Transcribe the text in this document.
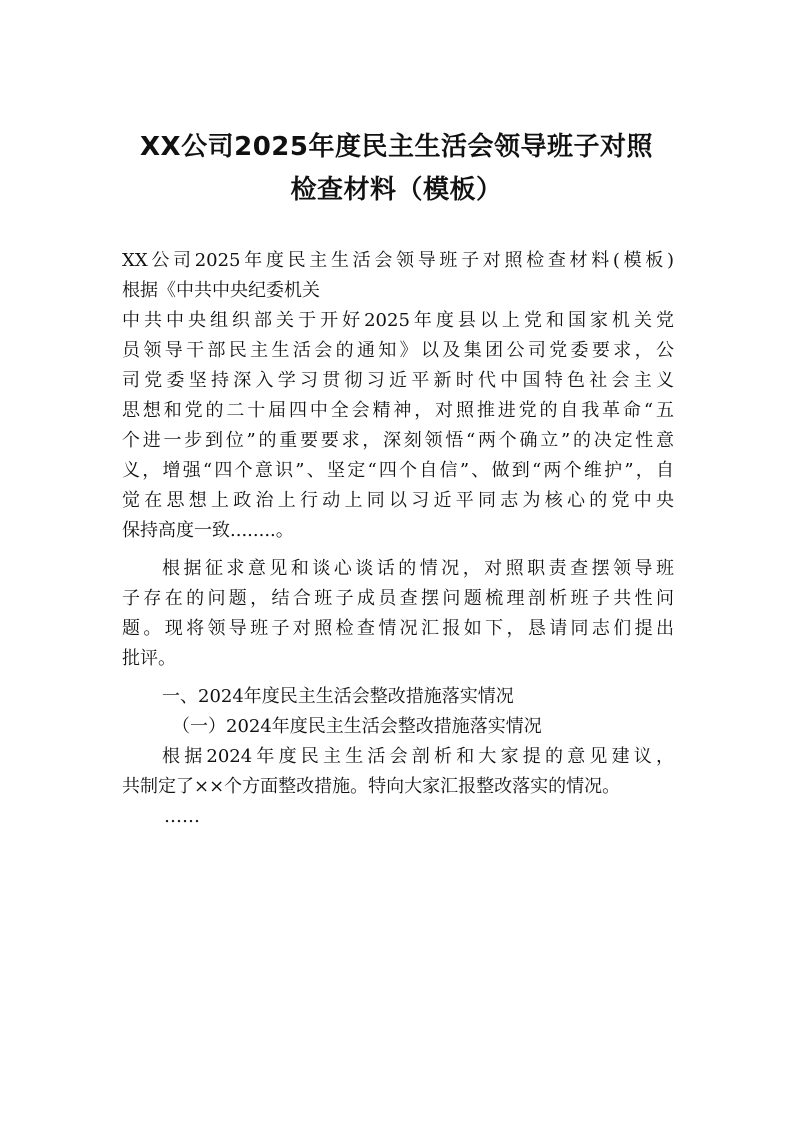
XX公司2025年度民主生活会领导班子对照
检查材料（模板）
XX公司2025年度民主生活会领导班子对照检查材料(模板)
根据《中共中央纪委机关
中共中央组织部关于开好2025年度县以上党和国家机关党
员领导干部民主生活会的通知》以及集团公司党委要求，公
司党委坚持深入学习贯彻习近平新时代中国特色社会主义
思想和党的二十届四中全会精神，对照推进党的自我革命“五
个进一步到位”的重要要求，深刻领悟“两个确立”的决定性意
义，增强“四个意识”、坚定“四个自信”、做到“两个维护”，自
觉在思想上政治上行动上同以习近平同志为核心的党中央
保持高度一致........。
根据征求意见和谈心谈话的情况，对照职责查摆领导班
子存在的问题，结合班子成员查摆问题梳理剖析班子共性问
题。现将领导班子对照检查情况汇报如下，恳请同志们提出
批评。
一、2024年度民主生活会整改措施落实情况
（一）2024年度民主生活会整改措施落实情况
根据2024年度民主生活会剖析和大家提的意见建议，
共制定了××个方面整改措施。特向大家汇报整改落实的情况。
……
